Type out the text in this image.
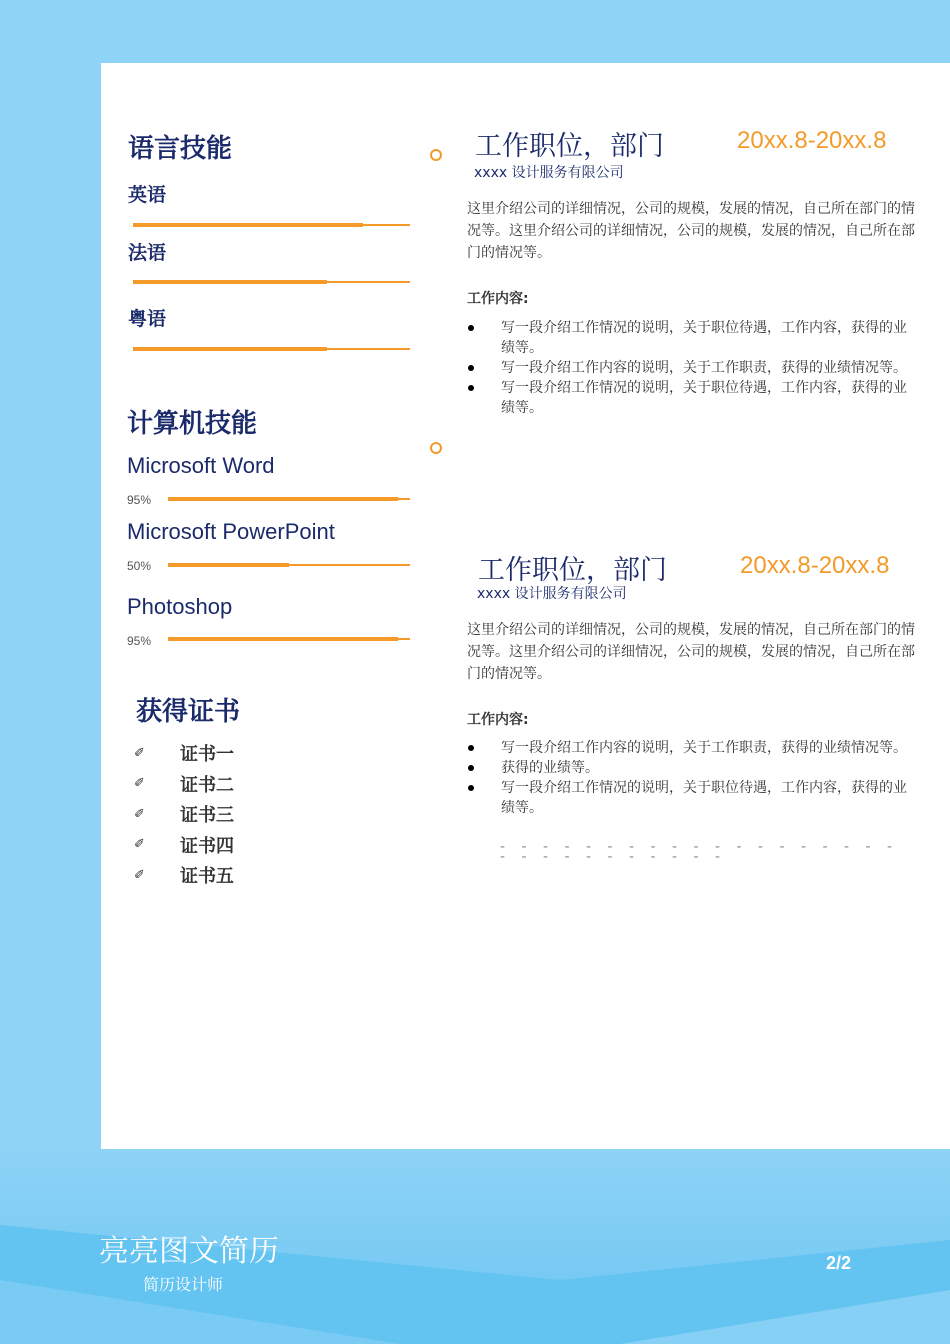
语言技能
英语
法语
粤语
计算机技能
Microsoft Word
95%
Microsoft PowerPoint
50%
Photoshop
95%
获得证书
✐	证书一
✐	证书二
✐	证书三
✐	证书四
✐	证书五
工作职位，部门	20xx.8-20xx.8
xxxx 设计服务有限公司
这里介绍公司的详细情况，公司的规模，发展的情况，自己所在部门的情况等。这里介绍公司的详细情况，公司的规模，发展的情况，自己所在部门的情况等。
工作内容:
写一段介绍工作情况的说明，关于职位待遇，工作内容，获得的业绩等。
写一段介绍工作内容的说明，关于工作职责，获得的业绩情况等。
写一段介绍工作情况的说明，关于职位待遇，工作内容，获得的业绩等。
工作职位，部门	20xx.8-20xx.8
xxxx 设计服务有限公司
这里介绍公司的详细情况，公司的规模，发展的情况，自己所在部门的情况等。这里介绍公司的详细情况，公司的规模，发展的情况，自己所在部门的情况等。
工作内容:
写一段介绍工作内容的说明，关于工作职责，获得的业绩情况等。
获得的业绩等。
写一段介绍工作情况的说明，关于职位待遇，工作内容，获得的业绩等。
- - - - - - - - - - - - - - - - - - - - - - - - - - - - - -
亮亮图文简历
简历设计师
2/2
